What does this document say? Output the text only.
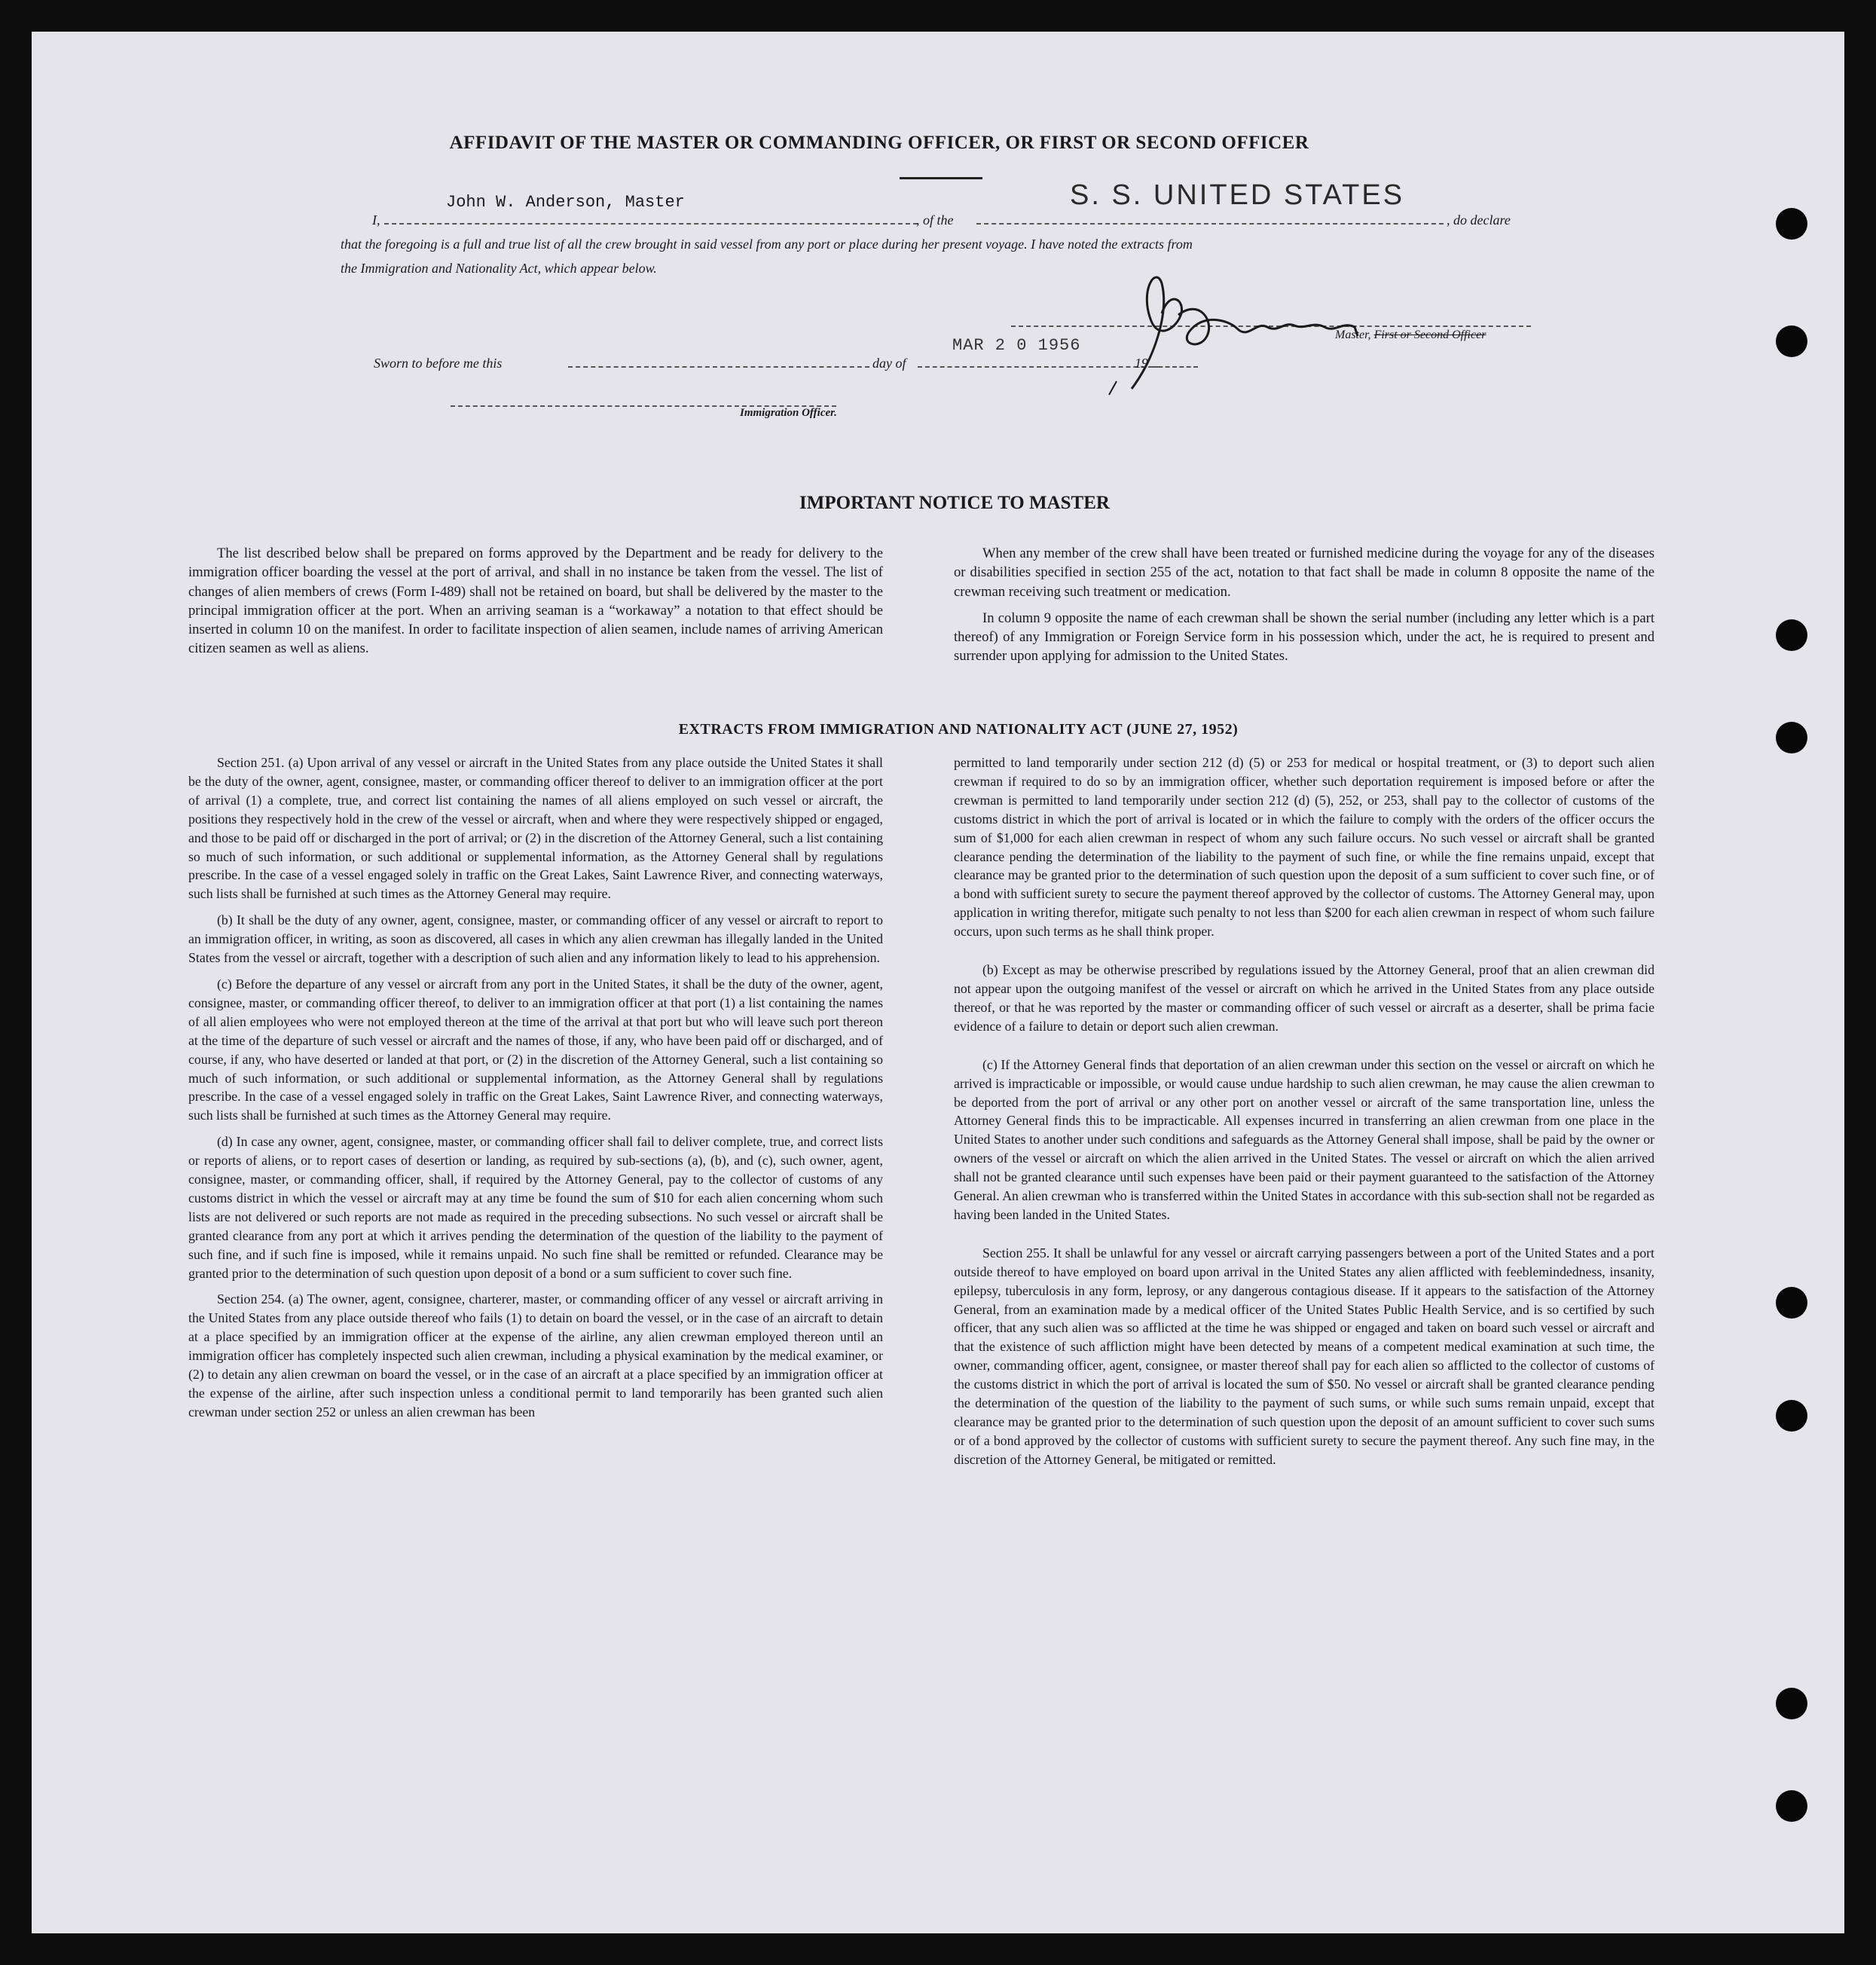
AFFIDAVIT OF THE MASTER OR COMMANDING OFFICER, OR FIRST OR SECOND OFFICER
I,
John W. Anderson, Master
, of the
S. S. UNITED STATES
, do declare
that the foregoing is a full and true list of all the crew brought in said vessel from any port or place during her present voyage. I have noted the extracts from
the Immigration and Nationality Act, which appear below.
Master, First or Second Officer
Sworn to before me this	day of
MAR 2 0 1956
19
Immigration Officer.
IMPORTANT NOTICE TO MASTER

The list described below shall be prepared on forms approved by the Department and be ready for delivery to the immigration officer boarding the vessel at the port of arrival, and shall in no instance be taken from the vessel. The list of changes of alien members of crews (Form I-489) shall not be retained on board, but shall be delivered by the master to the principal immigration officer at the port. When an arriving seaman is a “workaway” a notation to that effect should be inserted in column 10 on the manifest. In order to facilitate inspection of alien seamen, include names of arriving American citizen seamen as well as aliens.

When any member of the crew shall have been treated or furnished medicine during the voyage for any of the diseases or disabilities specified in section 255 of the act, notation to that fact shall be made in column 8 opposite the name of the crewman receiving such treatment or medication.

In column 9 opposite the name of each crewman shall be shown the serial number (including any letter which is a part thereof) of any Immigration or Foreign Service form in his possession which, under the act, he is required to present and surrender upon applying for admission to the United States.

EXTRACTS FROM IMMIGRATION AND NATIONALITY ACT (JUNE 27, 1952)

Section 251. (a) Upon arrival of any vessel or aircraft in the United States from any place outside the United States it shall be the duty of the owner, agent, consignee, master, or commanding officer thereof to deliver to an immigration officer at the port of arrival (1) a complete, true, and correct list containing the names of all aliens employed on such vessel or aircraft, the positions they respectively hold in the crew of the vessel or aircraft, when and where they were respectively shipped or engaged, and those to be paid off or discharged in the port of arrival; or (2) in the discretion of the Attorney General, such a list containing so much of such information, or such additional or supplemental information, as the Attorney General shall by regulations prescribe. In the case of a vessel engaged solely in traffic on the Great Lakes, Saint Lawrence River, and connecting waterways, such lists shall be furnished at such times as the Attorney General may require.

(b) It shall be the duty of any owner, agent, consignee, master, or commanding officer of any vessel or aircraft to report to an immigration officer, in writing, as soon as discovered, all cases in which any alien crewman has illegally landed in the United States from the vessel or aircraft, together with a description of such alien and any information likely to lead to his apprehension.

(c) Before the departure of any vessel or aircraft from any port in the United States, it shall be the duty of the owner, agent, consignee, master, or commanding officer thereof, to deliver to an immigration officer at that port (1) a list containing the names of all alien employees who were not employed thereon at the time of the arrival at that port but who will leave such port thereon at the time of the departure of such vessel or aircraft and the names of those, if any, who have been paid off or discharged, and of course, if any, who have deserted or landed at that port, or (2) in the discretion of the Attorney General, such a list containing so much of such information, or such additional or supplemental information, as the Attorney General shall by regulations prescribe. In the case of a vessel engaged solely in traffic on the Great Lakes, Saint Lawrence River, and connecting waterways, such lists shall be furnished at such times as the Attorney General may require.

(d) In case any owner, agent, consignee, master, or commanding officer shall fail to deliver complete, true, and correct lists or reports of aliens, or to report cases of desertion or landing, as required by sub-sections (a), (b), and (c), such owner, agent, consignee, master, or commanding officer, shall, if required by the Attorney General, pay to the collector of customs of any customs district in which the vessel or aircraft may at any time be found the sum of $10 for each alien concerning whom such lists are not delivered or such reports are not made as required in the preceding subsections. No such vessel or aircraft shall be granted clearance from any port at which it arrives pending the determination of the question of the liability to the payment of such fine, and if such fine is imposed, while it remains unpaid. No such fine shall be remitted or refunded. Clearance may be granted prior to the determination of such question upon deposit of a bond or a sum sufficient to cover such fine.

Section 254. (a) The owner, agent, consignee, charterer, master, or commanding officer of any vessel or aircraft arriving in the United States from any place outside thereof who fails (1) to detain on board the vessel, or in the case of an aircraft to detain at a place specified by an immigration officer at the expense of the airline, any alien crewman employed thereon until an immigration officer has completely inspected such alien crewman, including a physical examination by the medical examiner, or (2) to detain any alien crewman on board the vessel, or in the case of an aircraft at a place specified by an immigration officer at the expense of the airline, after such inspection unless a conditional permit to land temporarily has been granted such alien crewman under section 252 or unless an alien crewman has been

permitted to land temporarily under section 212 (d) (5) or 253 for medical or hospital treatment, or (3) to deport such alien crewman if required to do so by an immigration officer, whether such deportation requirement is imposed before or after the crewman is permitted to land temporarily under section 212 (d) (5), 252, or 253, shall pay to the collector of customs of the customs district in which the port of arrival is located or in which the failure to comply with the orders of the officer occurs the sum of $1,000 for each alien crewman in respect of whom any such failure occurs. No such vessel or aircraft shall be granted clearance pending the determination of the liability to the payment of such fine, or while the fine remains unpaid, except that clearance may be granted prior to the determination of such question upon the deposit of a sum sufficient to cover such fine, or of a bond with sufficient surety to secure the payment thereof approved by the collector of customs. The Attorney General may, upon application in writing therefor, mitigate such penalty to not less than $200 for each alien crewman in respect of whom such failure occurs, upon such terms as he shall think proper.

(b) Except as may be otherwise prescribed by regulations issued by the Attorney General, proof that an alien crewman did not appear upon the outgoing manifest of the vessel or aircraft on which he arrived in the United States from any place outside thereof, or that he was reported by the master or commanding officer of such vessel or aircraft as a deserter, shall be prima facie evidence of a failure to detain or deport such alien crewman.

(c) If the Attorney General finds that deportation of an alien crewman under this section on the vessel or aircraft on which he arrived is impracticable or impossible, or would cause undue hardship to such alien crewman, he may cause the alien crewman to be deported from the port of arrival or any other port on another vessel or aircraft of the same transportation line, unless the Attorney General finds this to be impracticable. All expenses incurred in transferring an alien crewman from one place in the United States to another under such conditions and safeguards as the Attorney General shall impose, shall be paid by the owner or owners of the vessel or aircraft on which the alien arrived in the United States. The vessel or aircraft on which the alien arrived shall not be granted clearance until such expenses have been paid or their payment guaranteed to the satisfaction of the Attorney General. An alien crewman who is transferred within the United States in accordance with this sub-section shall not be regarded as having been landed in the United States.

Section 255. It shall be unlawful for any vessel or aircraft carrying passengers between a port of the United States and a port outside thereof to have employed on board upon arrival in the United States any alien afflicted with feeblemindedness, insanity, epilepsy, tuberculosis in any form, leprosy, or any dangerous contagious disease. If it appears to the satisfaction of the Attorney General, from an examination made by a medical officer of the United States Public Health Service, and is so certified by such officer, that any such alien was so afflicted at the time he was shipped or engaged and taken on board such vessel or aircraft and that the existence of such affliction might have been detected by means of a competent medical examination at such time, the owner, commanding officer, agent, consignee, or master thereof shall pay for each alien so afflicted to the collector of customs of the customs district in which the port of arrival is located the sum of $50. No vessel or aircraft shall be granted clearance pending the determination of the question of the liability to the payment of such sums, or while such sums remain unpaid, except that clearance may be granted prior to the determination of such question upon the deposit of an amount sufficient to cover such sums or of a bond approved by the collector of customs with sufficient surety to secure the payment thereof. Any such fine may, in the discretion of the Attorney General, be mitigated or remitted.
